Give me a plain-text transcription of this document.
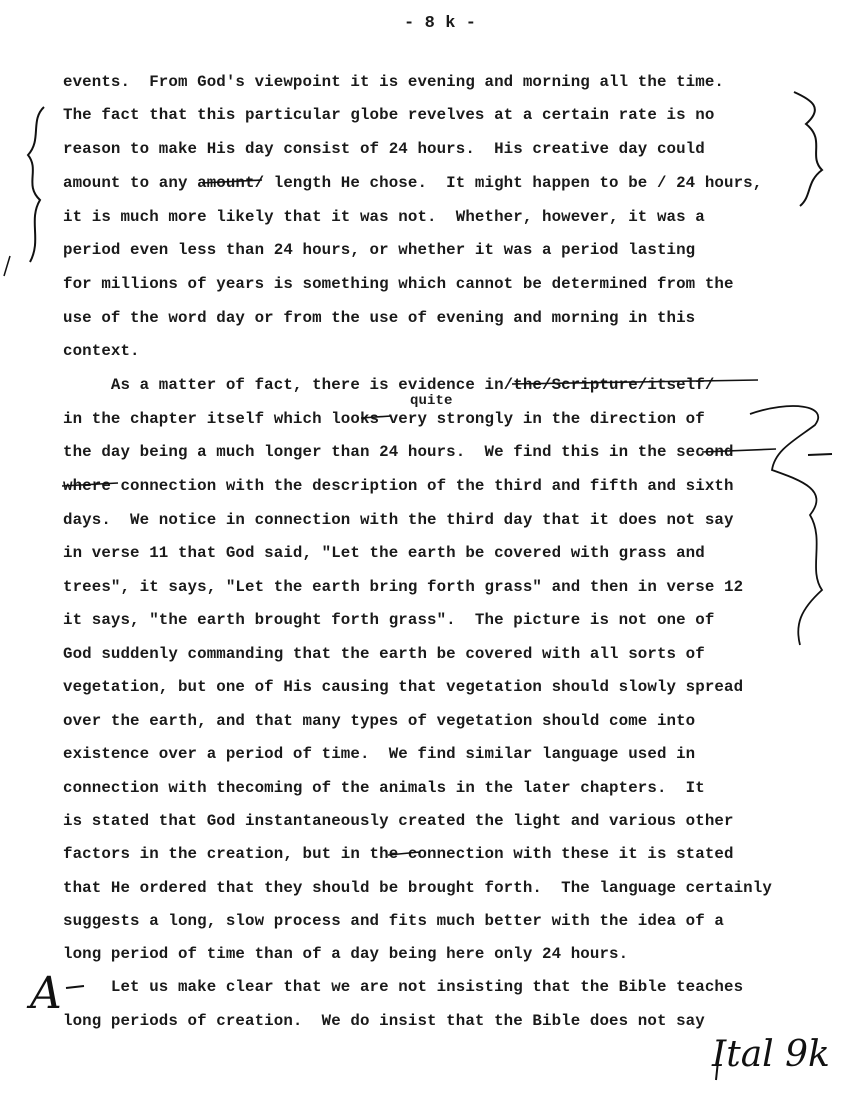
- 8 k -
events.  From God's viewpoint it is evening and morning all the time.
The fact that this particular globe revelves at a certain rate is no
reason to make His day consist of 24 hours.  His creative day could
amount to any amount/ length He chose.  It might happen to be / 24 hours,
it is much more likely that it was not.  Whether, however, it was a
period even less than 24 hours, or whether it was a period lasting
for millions of years is something which cannot be determined from the
use of the word day or from the use of evening and morning in this
context.
As a matter of fact, there is evidence in/the/Scripture/itself/
quite
in the chapter itself which looks very strongly in the direction of
the day being a much longer than 24 hours.  We find this in the second
where connection with the description of the third and fifth and sixth
days.  We notice in connection with the third day that it does not say
in verse 11 that God said, "Let the earth be covered with grass and
trees", it says, "Let the earth bring forth grass" and then in verse 12
it says, "the earth brought forth grass".  The picture is not one of
God suddenly commanding that the earth be covered with all sorts of
vegetation, but one of His causing that vegetation should slowly spread
over the earth, and that many types of vegetation should come into
existence over a period of time.  We find similar language used in
connection with thecoming of the animals in the later chapters.  It
is stated that God instantaneously created the light and various other
factors in the creation, but in the connection with these it is stated
that He ordered that they should be brought forth.  The language certainly
suggests a long, slow process and fits much better with the idea of a
long period of time than of a day being here only 24 hours.
Let us make clear that we are not insisting that the Bible teaches
long periods of creation.  We do insist that the Bible does not say
A
Ital 9k
